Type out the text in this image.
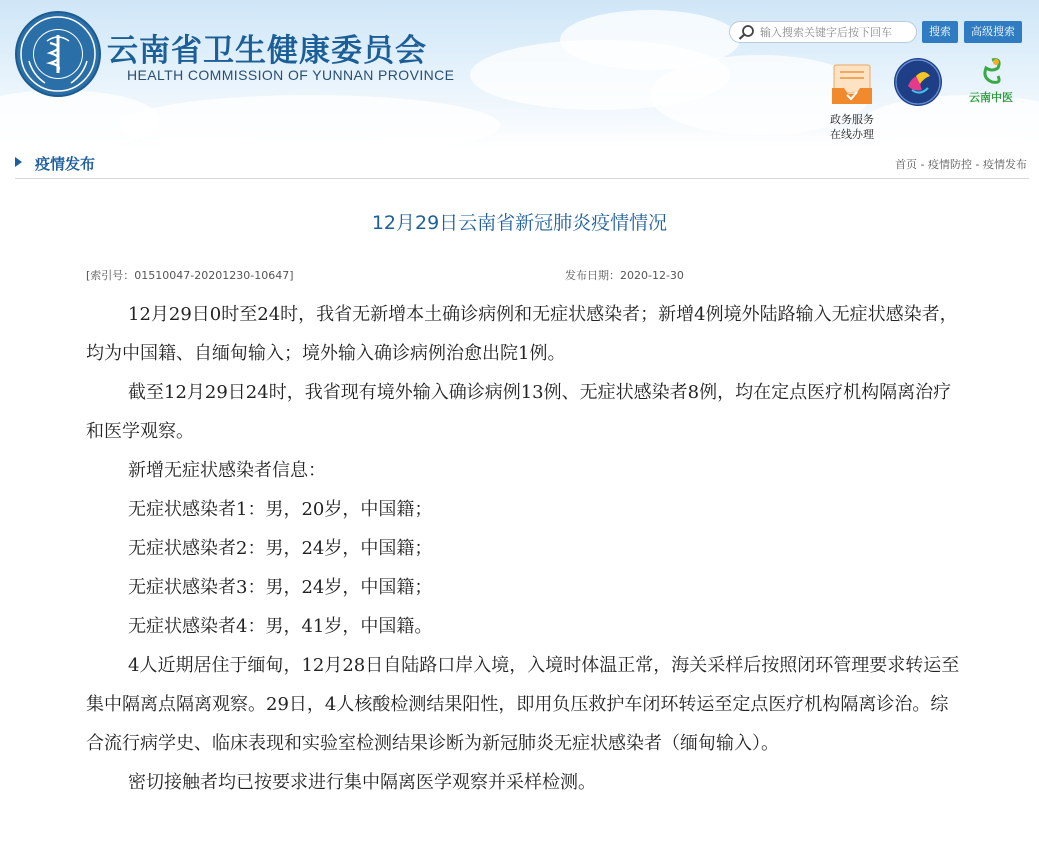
云南省卫生健康委员会
HEALTH COMMISSION OF YUNNAN PROVINCE
输入搜索关键字后按下回车
搜索	高级搜索
政务服务
在线办理
云南中医
疫情发布	首页 - 疫情防控 - 疫情发布
12月29日云南省新冠肺炎疫情情况
[索引号：01510047-20201230-10647]	发布日期：2020-12-30

12月29日0时至24时，我省无新增本土确诊病例和无症状感染者；新增4例境外陆路输入无症状感染者，均为中国籍、自缅甸输入；境外输入确诊病例治愈出院1例。

截至12月29日24时，我省现有境外输入确诊病例13例、无症状感染者8例，均在定点医疗机构隔离治疗和医学观察。

新增无症状感染者信息：

无症状感染者1：男，20岁，中国籍；

无症状感染者2：男，24岁，中国籍；

无症状感染者3：男，24岁，中国籍；

无症状感染者4：男，41岁，中国籍。

4人近期居住于缅甸，12月28日自陆路口岸入境，入境时体温正常，海关采样后按照闭环管理要求转运至集中隔离点隔离观察。29日，4人核酸检测结果阳性，即用负压救护车闭环转运至定点医疗机构隔离诊治。综合流行病学史、临床表现和实验室检测结果诊断为新冠肺炎无症状感染者（缅甸输入）。

密切接触者均已按要求进行集中隔离医学观察并采样检测。
